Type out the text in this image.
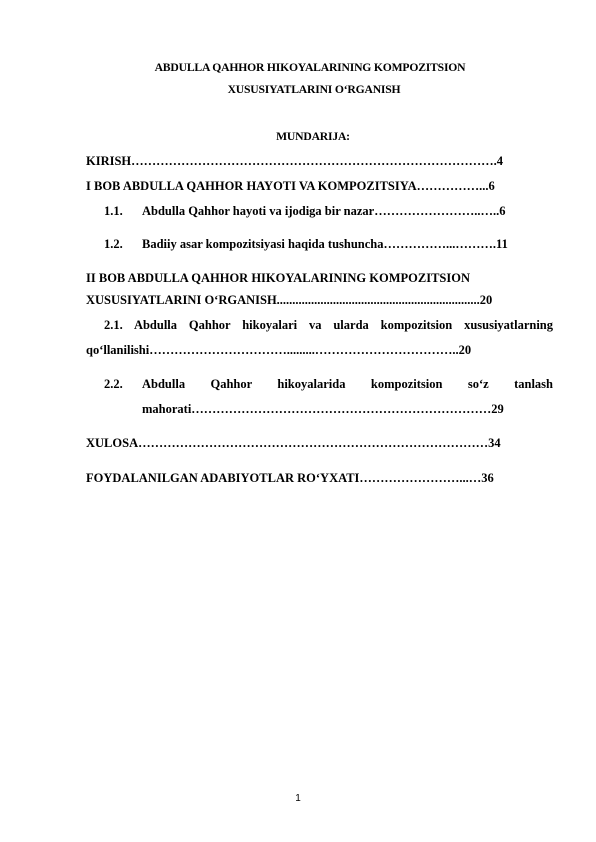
ABDULLA QAHHOR HIKOYALARINING KOMPOZITSION
XUSUSIYATLARINI O‘RGANISH
MUNDARIJA:
KIRISH…………………………………………………………………………….4
I BOB ABDULLA QAHHOR HAYOTI VA KOMPOZITSIYA……………...6
1.1. Abdulla Qahhor hayoti va ijodiga bir nazar……………………..…..6
1.2. Badiiy asar kompozitsiyasi haqida tushuncha……………...……….11
II BOB ABDULLA QAHHOR HIKOYALARINING KOMPOZITSION
XUSUSIYATLARINI O‘RGANISH.................................................................20
2.1. Abdulla Qahhor hikoyalari va ularda kompozitsion xususiyatlarning
qo‘llanilishi…………………………….........……………………………..20
2.2. Abdulla Qahhor hikoyalarida kompozitsion so‘z tanlash
mahorati………………………………………………………………29
XULOSA…………………………………………………………………………34
FOYDALANILGAN ADABIYOTLAR RO‘YXATI……………………...…36
1
